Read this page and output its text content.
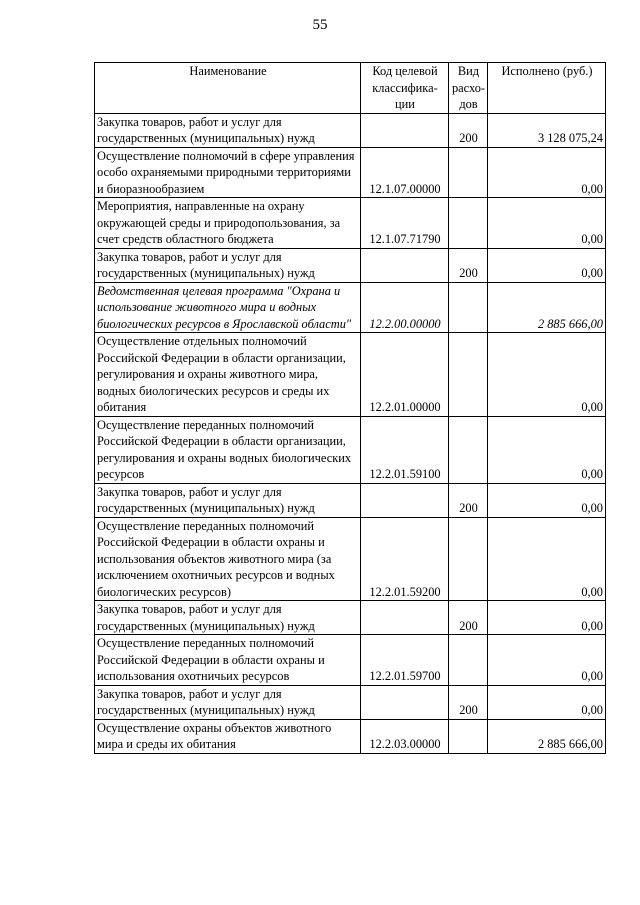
55
Наименование	Код целевой классифика-ции	Вид расхо-дов	Исполнено (руб.)
Закупка товаров, работ и услуг для государственных (муниципальных) нужд		200	3 128 075,24
Осуществление полномочий в сфере управления особо охраняемыми природными территориями и биоразнообразием	12.1.07.00000		0,00
Мероприятия, направленные на охрану окружающей среды и природопользования, за счет средств областного бюджета	12.1.07.71790		0,00
Закупка товаров, работ и услуг для государственных (муниципальных) нужд		200	0,00
Ведомственная целевая программа "Охрана и использование животного мира и водных биологических ресурсов в Ярославской области"	12.2.00.00000		2 885 666,00
Осуществление отдельных полномочий Российской Федерации в области организации, регулирования и охраны животного мира, водных биологических ресурсов и среды их обитания	12.2.01.00000		0,00
Осуществление переданных полномочий Российской Федерации в области организации, регулирования и охраны водных биологических ресурсов	12.2.01.59100		0,00
Закупка товаров, работ и услуг для государственных (муниципальных) нужд		200	0,00
Осуществление переданных полномочий Российской Федерации в области охраны и использования объектов животного мира (за исключением охотничьих ресурсов и водных биологических ресурсов)	12.2.01.59200		0,00
Закупка товаров, работ и услуг для государственных (муниципальных) нужд		200	0,00
Осуществление переданных полномочий Российской Федерации в области охраны и использования охотничьих ресурсов	12.2.01.59700		0,00
Закупка товаров, работ и услуг для государственных (муниципальных) нужд		200	0,00
Осуществление охраны объектов животного мира и среды их обитания	12.2.03.00000		2 885 666,00
